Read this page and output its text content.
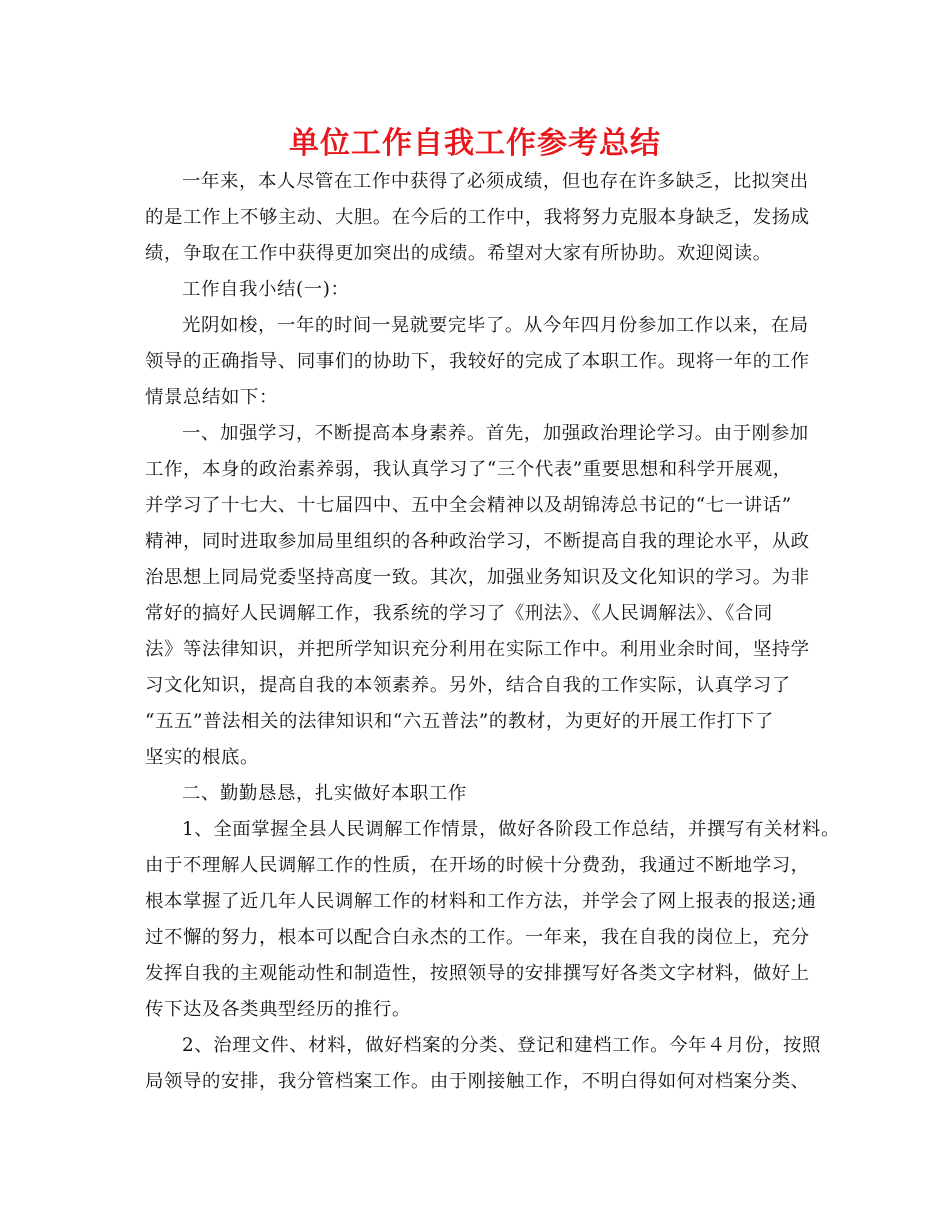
单位工作自我工作参考总结
一年来，本人尽管在工作中获得了必须成绩，但也存在许多缺乏，比拟突出
的是工作上不够主动、大胆。在今后的工作中，我将努力克服本身缺乏，发扬成
绩，争取在工作中获得更加突出的成绩。希望对大家有所协助。欢迎阅读。
工作自我小结(一)：
光阴如梭，一年的时间一晃就要完毕了。从今年四月份参加工作以来，在局
领导的正确指导、同事们的协助下，我较好的完成了本职工作。现将一年的工作
情景总结如下：
一、加强学习，不断提高本身素养。首先，加强政治理论学习。由于刚参加
工作，本身的政治素养弱，我认真学习了“三个代表”重要思想和科学开展观，
并学习了十七大、十七届四中、五中全会精神以及胡锦涛总书记的“七一讲话”
精神，同时进取参加局里组织的各种政治学习，不断提高自我的理论水平，从政
治思想上同局党委坚持高度一致。其次，加强业务知识及文化知识的学习。为非
常好的搞好人民调解工作，我系统的学习了《刑法》、《人民调解法》、《合同
法》等法律知识，并把所学知识充分利用在实际工作中。利用业余时间，坚持学
习文化知识，提高自我的本领素养。另外，结合自我的工作实际，认真学习了
“五五”普法相关的法律知识和“六五普法”的教材，为更好的开展工作打下了
坚实的根底。
二、勤勤恳恳，扎实做好本职工作
1、全面掌握全县人民调解工作情景，做好各阶段工作总结，并撰写有关材料。
由于不理解人民调解工作的性质，在开场的时候十分费劲，我通过不断地学习，
根本掌握了近几年人民调解工作的材料和工作方法，并学会了网上报表的报送;通
过不懈的努力，根本可以配合白永杰的工作。一年来，我在自我的岗位上，充分
发挥自我的主观能动性和制造性，按照领导的安排撰写好各类文字材料，做好上
传下达及各类典型经历的推行。
2、治理文件、材料，做好档案的分类、登记和建档工作。今年４月份，按照
局领导的安排，我分管档案工作。由于刚接触工作，不明白得如何对档案分类、
